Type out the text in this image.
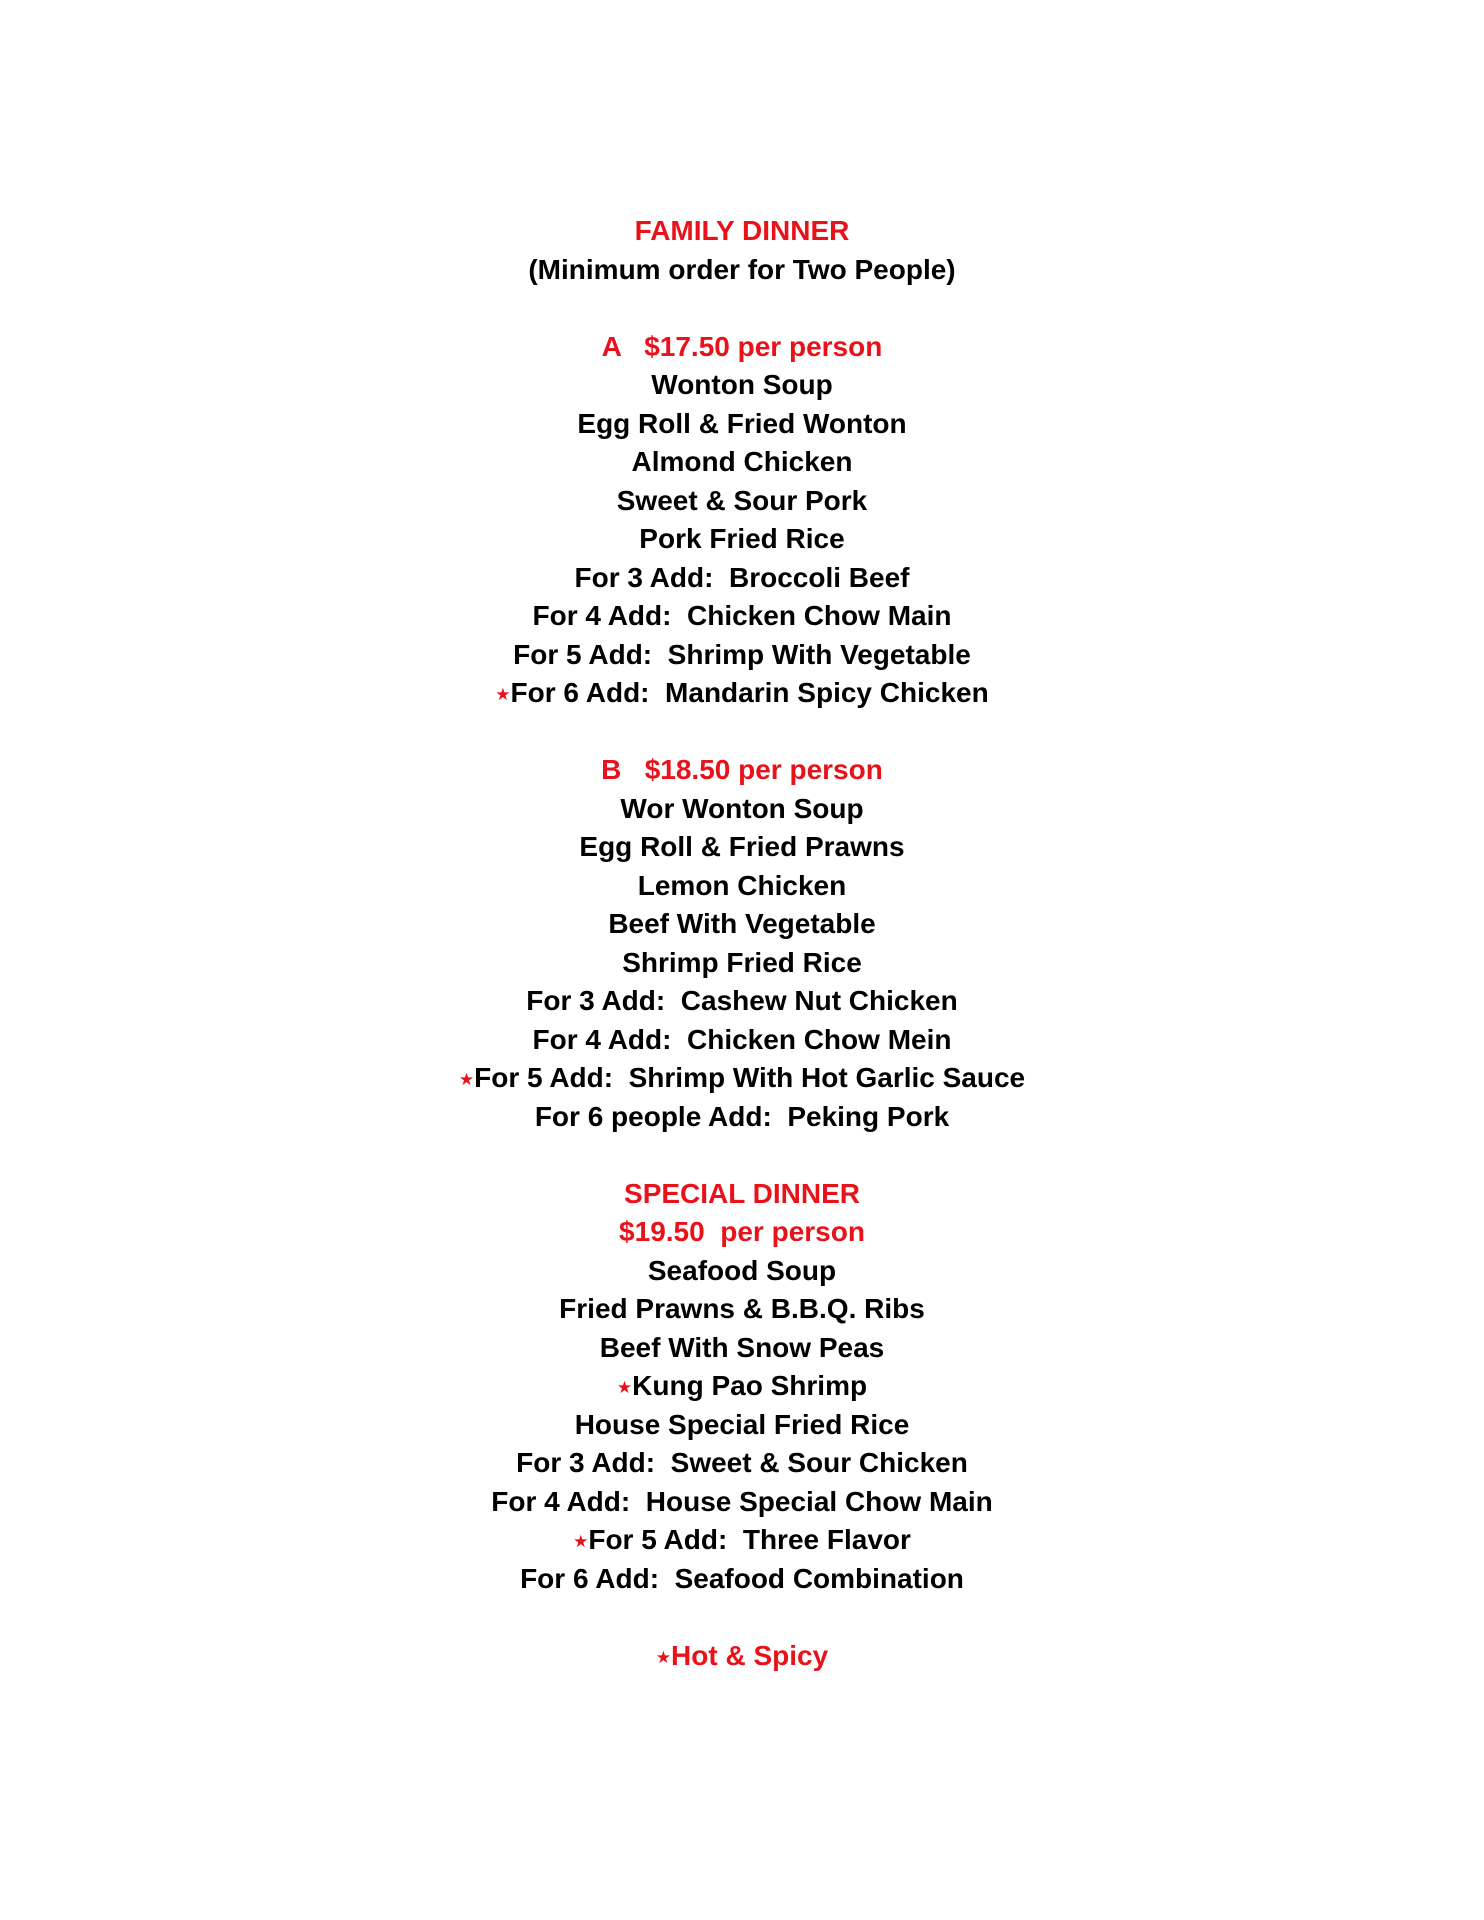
FAMILY DINNER
(Minimum order for Two People)
A   $17.50 per person
Wonton Soup
Egg Roll & Fried Wonton
Almond Chicken
Sweet & Sour Pork
Pork Fried Rice
For 3 Add:  Broccoli Beef
For 4 Add:  Chicken Chow Main
For 5 Add:  Shrimp With Vegetable
★For 6 Add:  Mandarin Spicy Chicken
B   $18.50 per person
Wor Wonton Soup
Egg Roll & Fried Prawns
Lemon Chicken
Beef With Vegetable
Shrimp Fried Rice
For 3 Add:  Cashew Nut Chicken
For 4 Add:  Chicken Chow Mein
★For 5 Add:  Shrimp With Hot Garlic Sauce
For 6 people Add:  Peking Pork
SPECIAL DINNER
$19.50  per person
Seafood Soup
Fried Prawns & B.B.Q. Ribs
Beef With Snow Peas
★Kung Pao Shrimp
House Special Fried Rice
For 3 Add:  Sweet & Sour Chicken
For 4 Add:  House Special Chow Main
★For 5 Add:  Three Flavor
For 6 Add:  Seafood Combination
★Hot & Spicy
